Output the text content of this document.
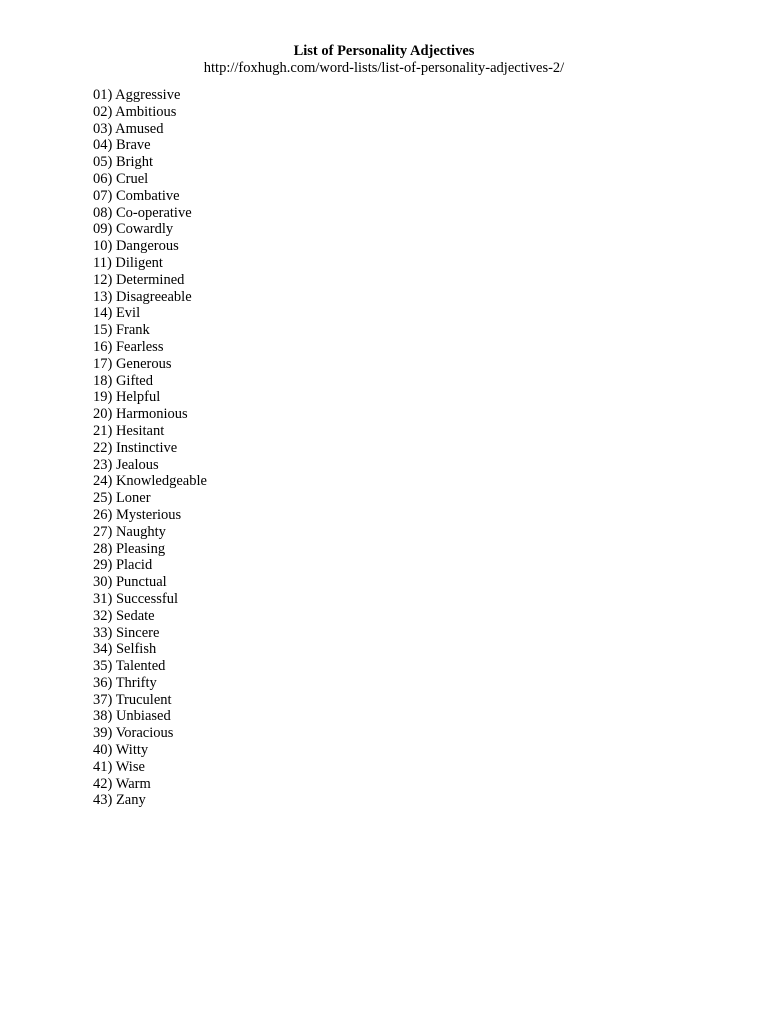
List of Personality Adjectives

http://foxhugh.com/word-lists/list-of-personality-adjectives-2/

01) Aggressive
02) Ambitious
03) Amused
04) Brave
05) Bright
06) Cruel
07) Combative
08) Co-operative
09) Cowardly
10) Dangerous
11) Diligent
12) Determined
13) Disagreeable
14) Evil
15) Frank
16) Fearless
17) Generous
18) Gifted
19) Helpful
20) Harmonious
21) Hesitant
22) Instinctive
23) Jealous
24) Knowledgeable
25) Loner
26) Mysterious
27) Naughty
28) Pleasing
29) Placid
30) Punctual
31) Successful
32) Sedate
33) Sincere
34) Selfish
35) Talented
36) Thrifty
37) Truculent
38) Unbiased
39) Voracious
40) Witty
41) Wise
42) Warm
43) Zany
